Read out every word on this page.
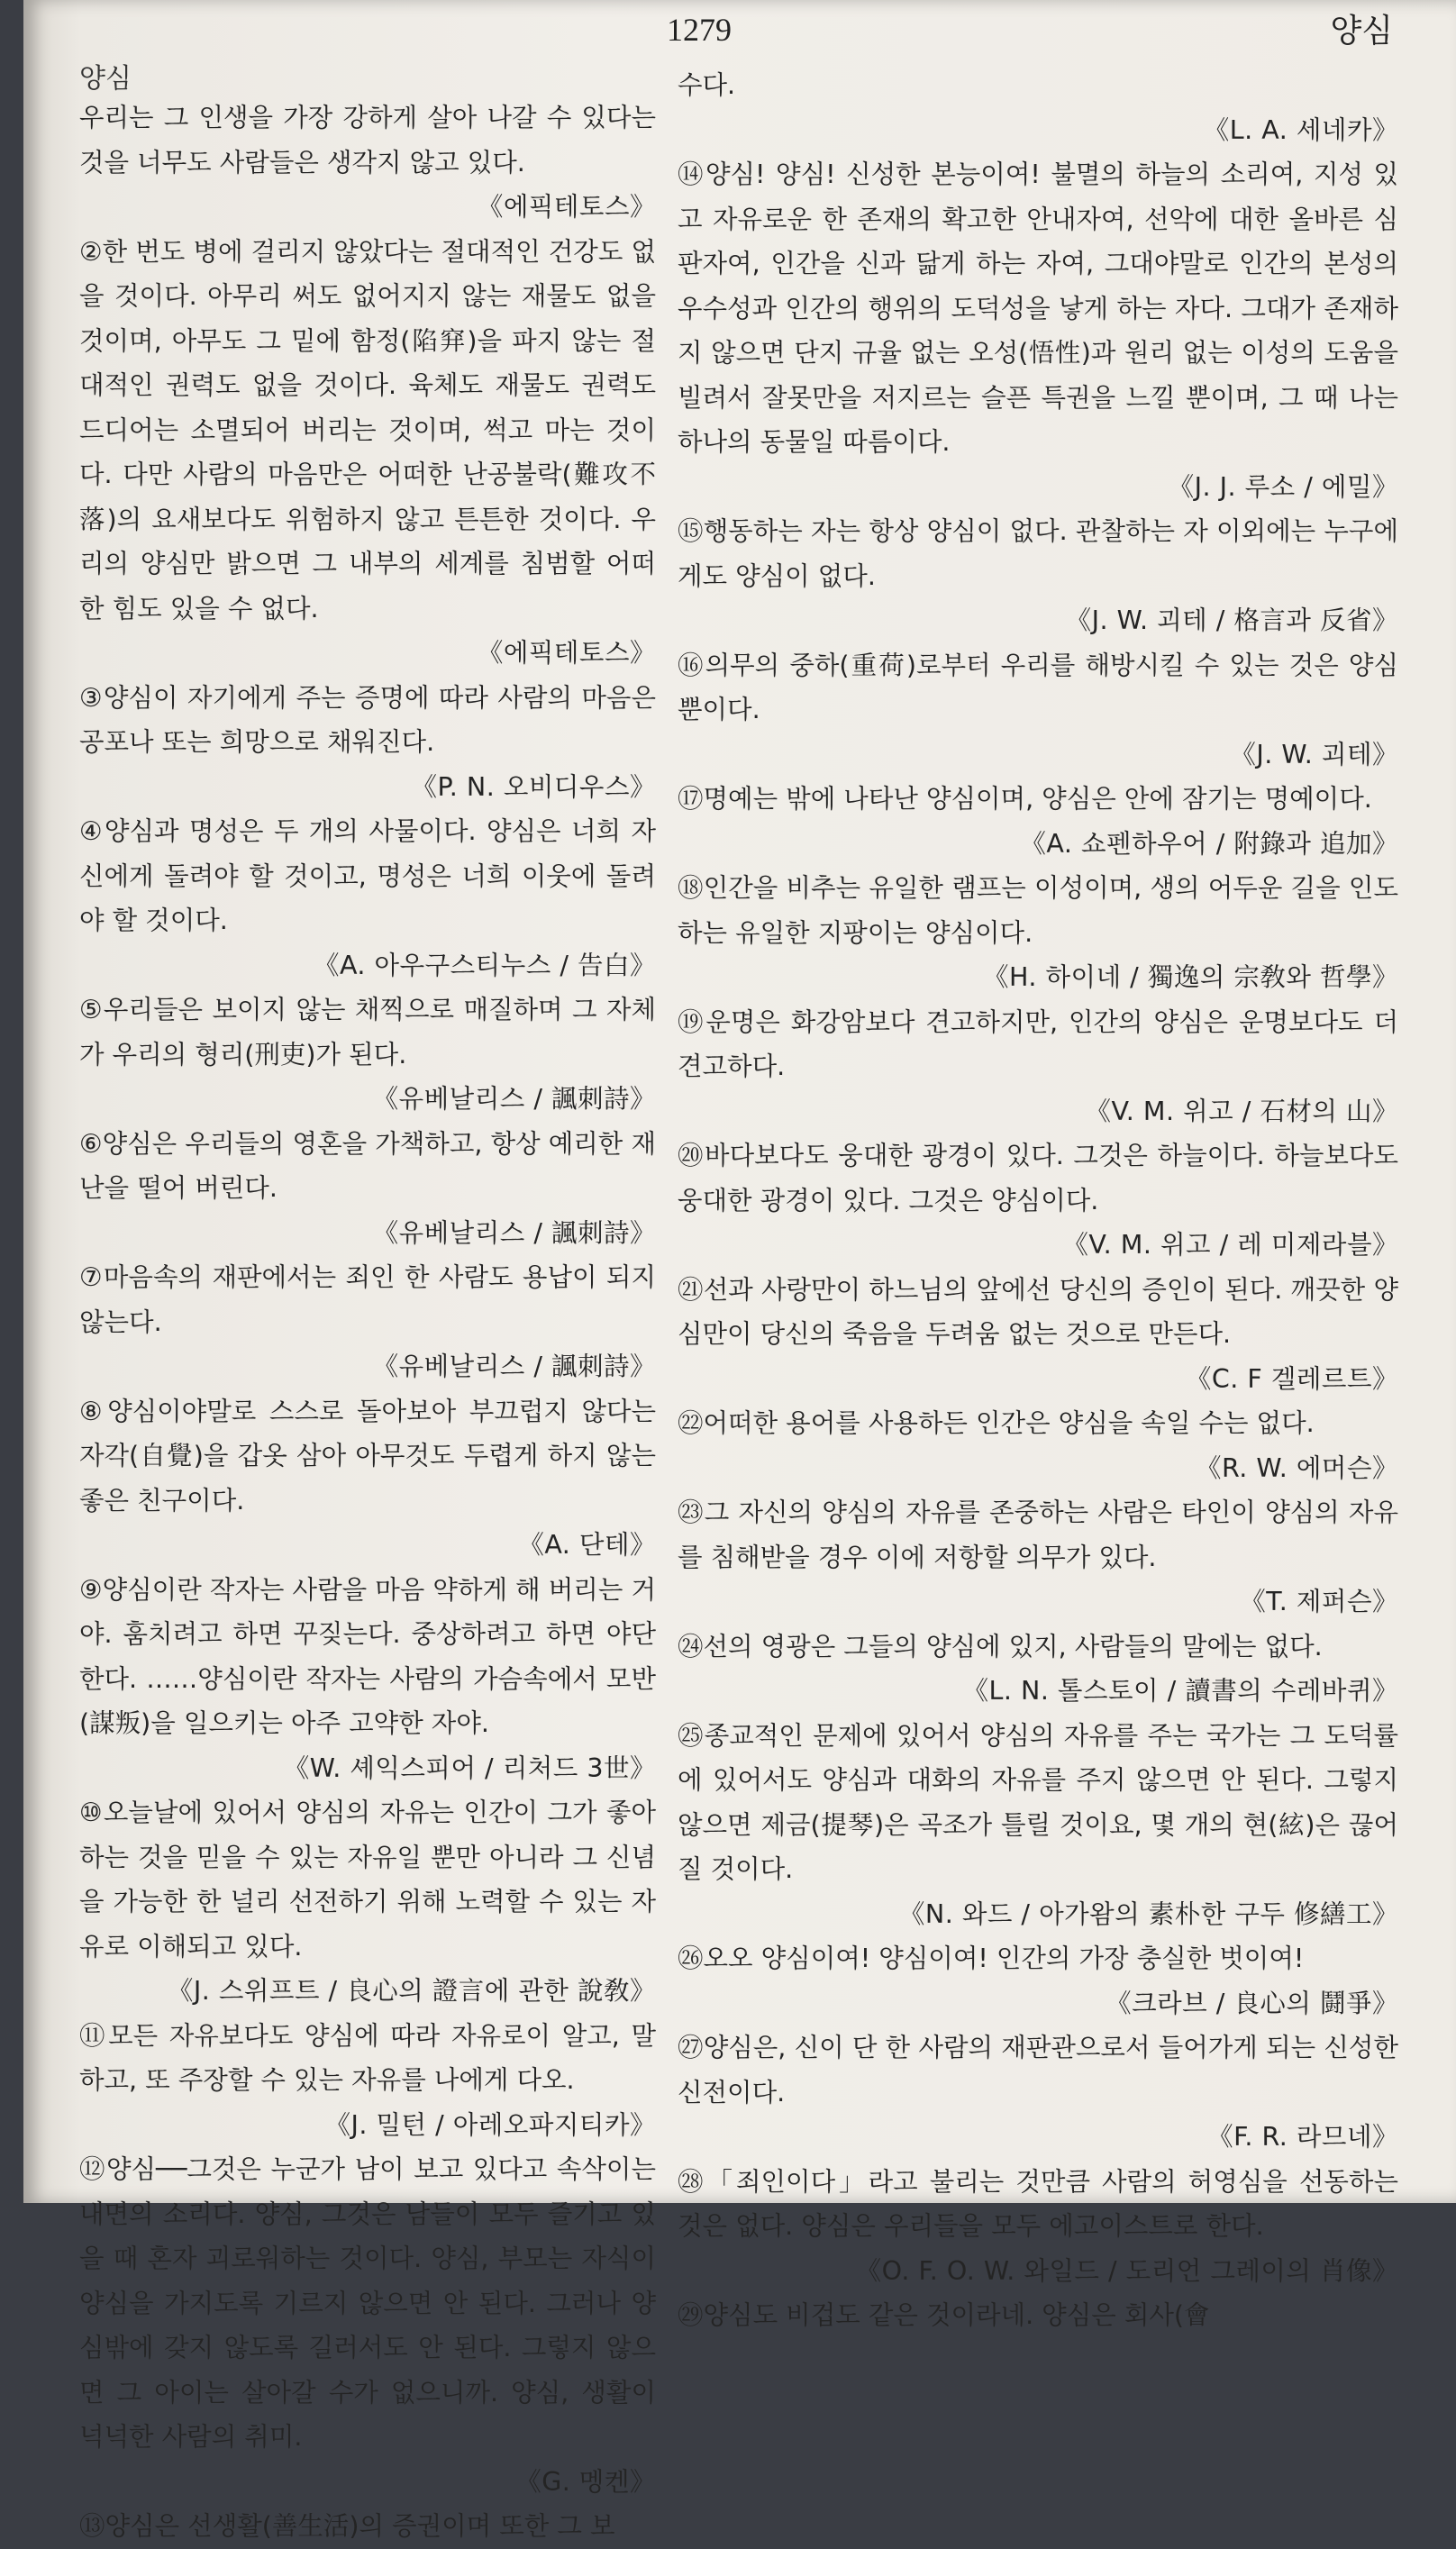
1279	양심
양심

우리는 그 인생을 가장 강하게 살아 나갈 수 있다는 것을 너무도 사람들은 생각지 않고 있다.

《에픽테토스》

②한 번도 병에 걸리지 않았다는 절대적인 건강도 없을 것이다. 아무리 써도 없어지지 않는 재물도 없을 것이며, 아무도 그 밑에 함정(陷穽)을 파지 않는 절대적인 권력도 없을 것이다. 육체도 재물도 권력도 드디어는 소멸되어 버리는 것이며, 썩고 마는 것이다. 다만 사람의 마음만은 어떠한 난공불락(難攻不落)의 요새보다도 위험하지 않고 튼튼한 것이다. 우리의 양심만 밝으면 그 내부의 세계를 침범할 어떠한 힘도 있을 수 없다.

《에픽테토스》

③양심이 자기에게 주는 증명에 따라 사람의 마음은 공포나 또는 희망으로 채워진다.

《P. N. 오비디우스》

④양심과 명성은 두 개의 사물이다. 양심은 너희 자신에게 돌려야 할 것이고, 명성은 너희 이웃에 돌려야 할 것이다.

《A. 아우구스티누스 / 告白》

⑤우리들은 보이지 않는 채찍으로 매질하며 그 자체가 우리의 형리(刑吏)가 된다.

《유베날리스 / 諷刺詩》

⑥양심은 우리들의 영혼을 가책하고, 항상 예리한 재난을 떨어 버린다.

《유베날리스 / 諷刺詩》

⑦마음속의 재판에서는 죄인 한 사람도 용납이 되지 않는다.

《유베날리스 / 諷刺詩》

⑧양심이야말로 스스로 돌아보아 부끄럽지 않다는 자각(自覺)을 갑옷 삼아 아무것도 두렵게 하지 않는 좋은 친구이다.

《A. 단테》

⑨양심이란 작자는 사람을 마음 약하게 해 버리는 거야. 훔치려고 하면 꾸짖는다. 중상하려고 하면 야단한다. ……양심이란 작자는 사람의 가슴속에서 모반(謀叛)을 일으키는 아주 고약한 자야.

《W. 셰익스피어 / 리처드 3世》

⑩오늘날에 있어서 양심의 자유는 인간이 그가 좋아하는 것을 믿을 수 있는 자유일 뿐만 아니라 그 신념을 가능한 한 널리 선전하기 위해 노력할 수 있는 자유로 이해되고 있다.

《J. 스위프트 / 良心의 證言에 관한 說敎》

⑪모든 자유보다도 양심에 따라 자유로이 알고, 말하고, 또 주장할 수 있는 자유를 나에게 다오.

《J. 밀턴 / 아레오파지티카》

⑫양심──그것은 누군가 남이 보고 있다고 속삭이는 내면의 소리다. 양심, 그것은 남들이 모두 즐기고 있을 때 혼자 괴로워하는 것이다. 양심, 부모는 자식이 양심을 가지도록 기르지 않으면 안 된다. 그러나 양심밖에 갖지 않도록 길러서도 안 된다. 그렇지 않으면 그 아이는 살아갈 수가 없으니까. 양심, 생활이 넉넉한 사람의 취미.

《G. 멩켄》

⑬양심은 선생활(善生活)의 증권이며 또한 그 보

수다.

《L. A. 세네카》

⑭양심! 양심! 신성한 본능이여! 불멸의 하늘의 소리여, 지성 있고 자유로운 한 존재의 확고한 안내자여, 선악에 대한 올바른 심판자여, 인간을 신과 닮게 하는 자여, 그대야말로 인간의 본성의 우수성과 인간의 행위의 도덕성을 낳게 하는 자다. 그대가 존재하지 않으면 단지 규율 없는 오성(悟性)과 원리 없는 이성의 도움을 빌려서 잘못만을 저지르는 슬픈 특권을 느낄 뿐이며, 그 때 나는 하나의 동물일 따름이다.

《J. J. 루소 / 에밀》

⑮행동하는 자는 항상 양심이 없다. 관찰하는 자 이외에는 누구에게도 양심이 없다.

《J. W. 괴테 / 格言과 反省》

⑯의무의 중하(重荷)로부터 우리를 해방시킬 수 있는 것은 양심뿐이다.

《J. W. 괴테》

⑰명예는 밖에 나타난 양심이며, 양심은 안에 잠기는 명예이다.

《A. 쇼펜하우어 / 附錄과 追加》

⑱인간을 비추는 유일한 램프는 이성이며, 생의 어두운 길을 인도하는 유일한 지팡이는 양심이다.

《H. 하이네 / 獨逸의 宗敎와 哲學》

⑲운명은 화강암보다 견고하지만, 인간의 양심은 운명보다도 더 견고하다.

《V. M. 위고 / 石材의 山》

⑳바다보다도 웅대한 광경이 있다. 그것은 하늘이다. 하늘보다도 웅대한 광경이 있다. 그것은 양심이다.

《V. M. 위고 / 레 미제라블》

㉑선과 사랑만이 하느님의 앞에선 당신의 증인이 된다. 깨끗한 양심만이 당신의 죽음을 두려움 없는 것으로 만든다.

《C. F 겔레르트》

㉒어떠한 용어를 사용하든 인간은 양심을 속일 수는 없다.

《R. W. 에머슨》

㉓그 자신의 양심의 자유를 존중하는 사람은 타인이 양심의 자유를 침해받을 경우 이에 저항할 의무가 있다.

《T. 제퍼슨》

㉔선의 영광은 그들의 양심에 있지, 사람들의 말에는 없다.

《L. N. 톨스토이 / 讀書의 수레바퀴》

㉕종교적인 문제에 있어서 양심의 자유를 주는 국가는 그 도덕률에 있어서도 양심과 대화의 자유를 주지 않으면 안 된다. 그렇지 않으면 제금(提琴)은 곡조가 틀릴 것이요, 몇 개의 현(絃)은 끊어질 것이다.

《N. 와드 / 아가왐의 素朴한 구두 修繕工》

㉖오오 양심이여! 양심이여! 인간의 가장 충실한 벗이여!

《크라브 / 良心의 鬪爭》

㉗양심은, 신이 단 한 사람의 재판관으로서 들어가게 되는 신성한 신전이다.

《F. R. 라므네》

㉘「죄인이다」라고 불리는 것만큼 사람의 허영심을 선동하는 것은 없다. 양심은 우리들을 모두 에고이스트로 한다.

《O. F. O. W. 와일드 / 도리언 그레이의 肖像》

㉙양심도 비겁도 같은 것이라네. 양심은 회사(會
